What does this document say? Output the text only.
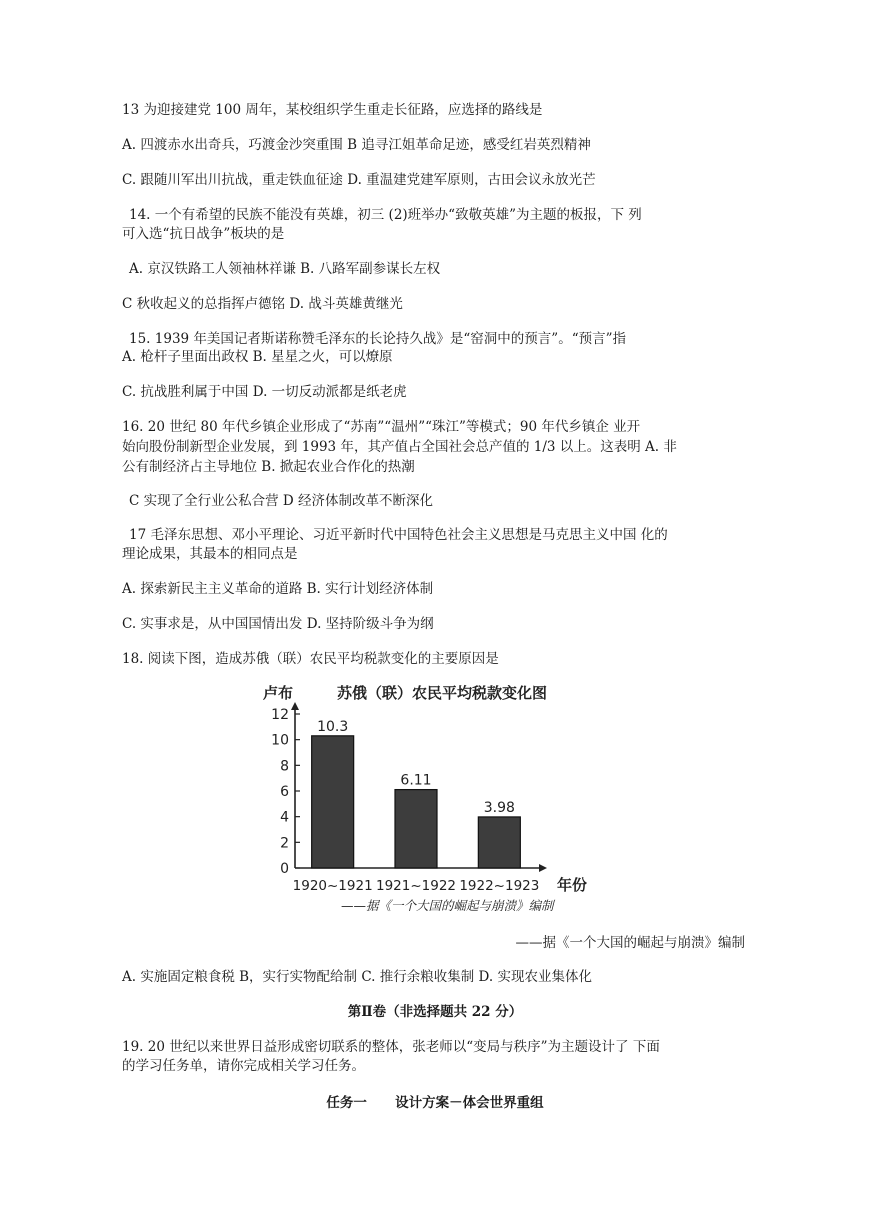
13 为迎接建党 100 周年，某校组织学生重走长征路，应选择的路线是
A. 四渡赤水出奇兵，巧渡金沙突重围 B 追寻江姐革命足迹，感受红岩英烈精神
C. 跟随川军出川抗战，重走铁血征途 D. 重温建党建军原则，古田会议永放光芒
14. 一个有希望的民族不能没有英雄，初三 (2)班举办“致敬英雄”为主题的板报，下 列
可入选“抗日战争”板块的是
A. 京汉铁路工人领袖林祥谦 B. 八路军副参谋长左权
C 秋收起义的总指挥卢德铭 D. 战斗英雄黄继光
15. 1939 年美国记者斯诺称赞毛泽东的长论持久战》是“窑洞中的预言”。“预言”指
A. 枪杆子里面出政权 B. 星星之火，可以燎原
C. 抗战胜利属于中国 D. 一切反动派都是纸老虎
16. 20 世纪 80 年代乡镇企业形成了“苏南”“温州”“珠江”等模式；90 年代乡镇企 业开
始向股份制新型企业发展，到 1993 年，其产值占全国社会总产值的 1/3 以上。这表明 A. 非
公有制经济占主导地位 B. 掀起农业合作化的热潮
C 实现了全行业公私合营 D 经济体制改革不断深化
17 毛泽东思想、邓小平理论、习近平新时代中国特色社会主义思想是马克思主义中国 化的
理论成果，其最本的相同点是
A. 探索新民主主义革命的道路 B. 实行计划经济体制
C. 实事求是，从中国国情出发 D. 坚持阶级斗争为纲
18. 阅读下图，造成苏俄（联）农民平均税款变化的主要原因是
卢布	苏俄（联）农民平均税款变化图
年份
——据《一个大国的崛起与崩溃》编制
0
2
4
6
8
10
12
10.3
1920~1921
6.11
1921~1922
3.98
1922~1923
——据《一个大国的崛起与崩溃》编制
A. 实施固定粮食税 B，实行实物配给制 C. 推行余粮收集制 D. 实现农业集体化
第Ⅱ卷（非选择题共 22 分）
19. 20 世纪以来世界日益形成密切联系的整体，张老师以“变局与秩序”为主题设计了 下面
的学习任务单，请你完成相关学习任务。
任务一      设计方案－体会世界重组
